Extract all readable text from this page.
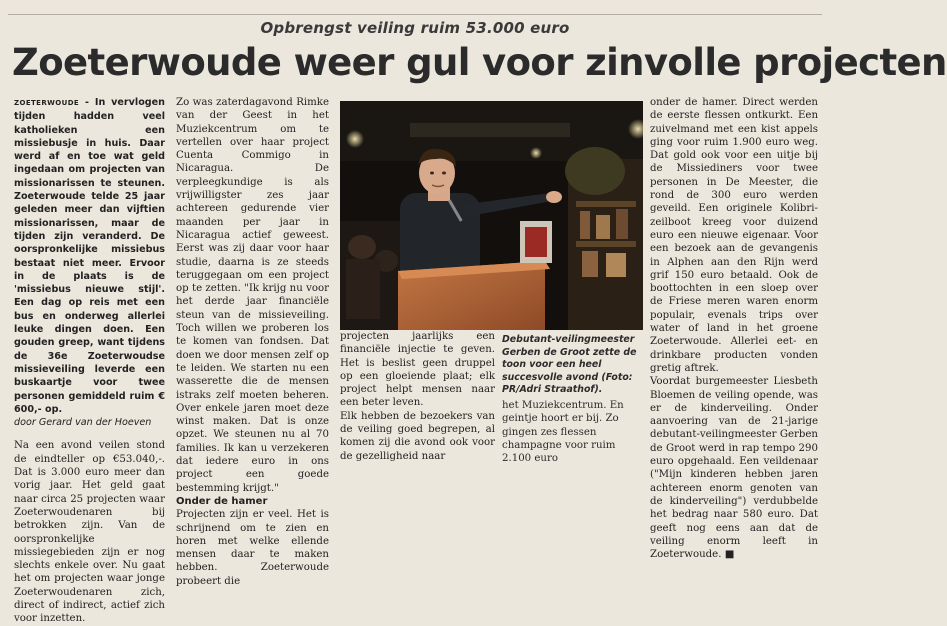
Opbrengst veiling ruim 53.000 euro
Zoeterwoude weer gul voor zinvolle projecten

ZOETERWOUDE - In vervlogen tijden hadden veel katholieken een missiebusje in huis. Daar werd af en toe wat geld ingedaan om projecten van missionarissen te steunen. Zoeterwoude telde 25 jaar geleden meer dan vijftien missionarissen, maar de tijden zijn veranderd. De oorspronkelijke missiebus bestaat niet meer. Ervoor in de plaats is de 'missiebus nieuwe stijl'. Een dag op reis met een bus en onderweg allerlei leuke dingen doen. Een gouden greep, want tijdens de 36e Zoeterwoudse missieveiling leverde een buskaartje voor twee personen gemiddeld ruim € 600,- op.

door Gerard van der Hoeven

Na een avond veilen stond de eindteller op €53.040,-. Dat is 3.000 euro meer dan vorig jaar. Het geld gaat naar circa 25 projecten waar Zoeterwoudenaren bij betrokken zijn. Van de oorspronkelijke missiegebieden zijn er nog slechts enkele over. Nu gaat het om projecten waar jonge Zoeterwoudenaren zich, direct of indirect, actief zich voor inzetten.

Zo was zaterdagavond Rimke van der Geest in het Muziekcentrum om te vertellen over haar project Cuenta Commigo in Nicaragua. De verpleegkundige is als vrijwilligster zes jaar achtereen gedurende vier maanden per jaar in Nicaragua actief geweest. Eerst was zij daar voor haar studie, daarna is ze steeds teruggegaan om een project op te zetten. "Ik krijg nu voor het derde jaar financiële steun van de missieveiling. Toch willen we proberen los te komen van fondsen. Dat doen we door mensen zelf op te leiden. We starten nu een wasserette die de mensen istraks zelf moeten beheren. Over enkele jaren moet deze winst maken. Dat is onze opzet. We steunen nu al 70 families. Ik kan u verzekeren dat iedere euro in ons project een goede bestemming krijgt."

Onder de hamer

Projecten zijn er veel. Het is schrijnend om te zien en horen met welke ellende mensen daar te maken hebben. Zoeterwoude probeert die

projecten jaarlijks een financiële injectie te geven. Het is beslist geen druppel op een gloeiende plaat; elk project helpt mensen naar een beter leven.

Elk hebben de bezoekers van de veiling goed begrepen, al komen zij die avond ook voor de gezelligheid naar

Debutant-veilingmeester Gerben de Groot zette de toon voor een heel succesvolle avond (Foto: PR/Adri Straathof).
het Muziekcentrum. En geintje hoort er bij. Zo gingen zes flessen champagne voor ruim 2.100 euro

onder de hamer. Direct werden de eerste flessen ontkurkt. Een zuivelmand met een kist appels ging voor ruim 1.900 euro weg. Dat gold ook voor een uitje bij de Missiediners voor twee personen in De Meester, die rond de 300 euro werden geveild. Een originele Kolibri-zeilboot kreeg voor duizend euro een nieuwe eigenaar. Voor een bezoek aan de gevangenis in Alphen aan den Rijn werd grif 150 euro betaald. Ook de boottochten in een sloep over de Friese meren waren enorm populair, evenals trips over water of land in het groene Zoeterwoude. Allerlei eet- en drinkbare producten vonden gretig aftrek.

Voordat burgemeester Liesbeth Bloemen de veiling opende, was er de kinderveiling. Onder aanvoering van de 21-jarige debutant-veilingmeester Gerben de Groot werd in rap tempo 290 euro opgehaald. Een veildenaar ("Mijn kinderen hebben jaren achtereen enorm genoten van de kinderveiling") verdubbelde het bedrag naar 580 euro. Dat geeft nog eens aan dat de veiling enorm leeft in Zoeterwoude. ■
